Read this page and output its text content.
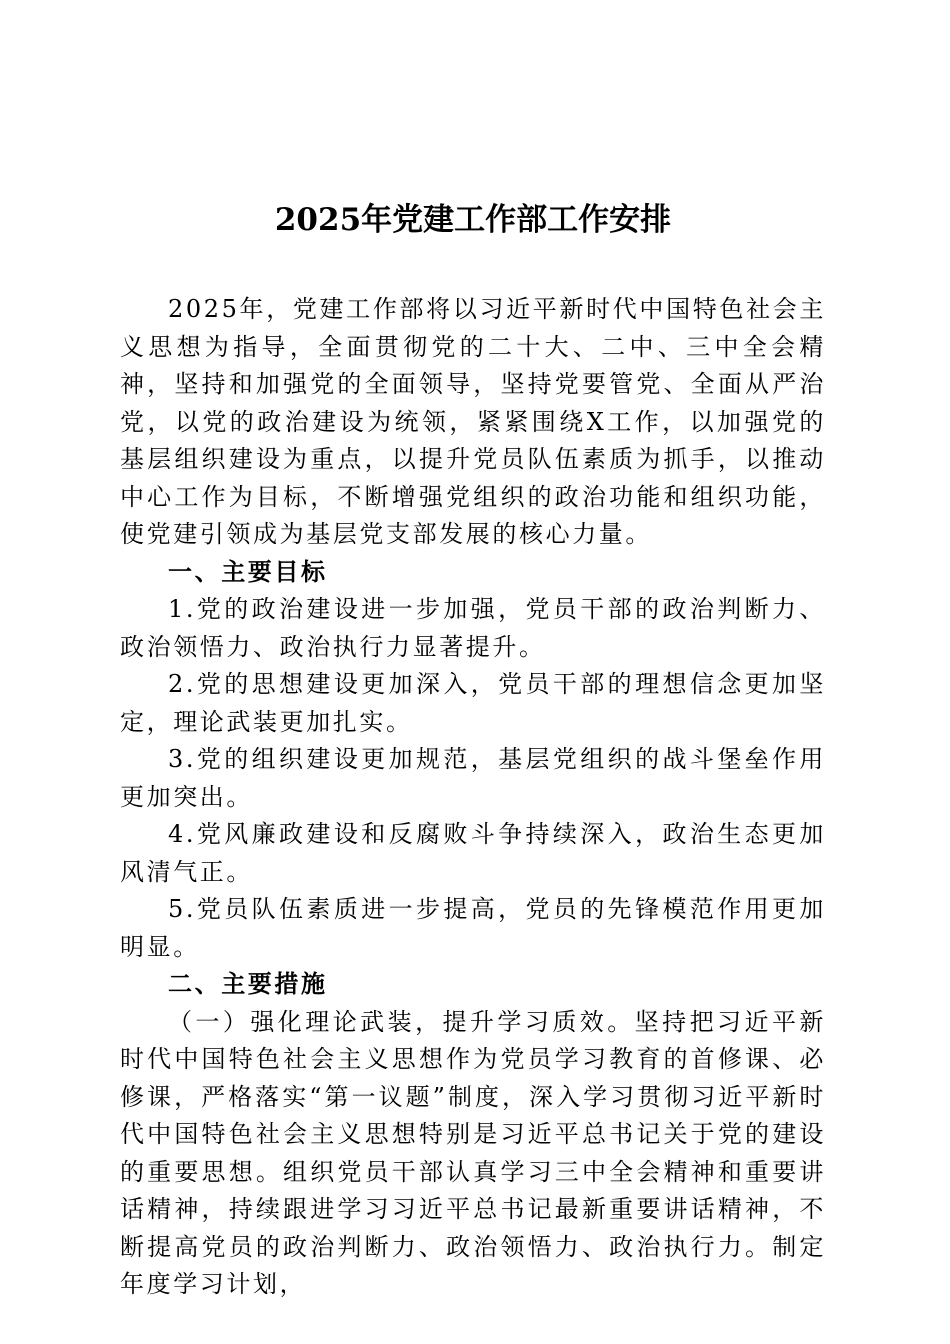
2025年党建工作部工作安排

2025年，党建工作部将以习近平新时代中国特色社会主义思想为指导，全面贯彻党的二十大、二中、三中全会精神，坚持和加强党的全面领导，坚持党要管党、全面从严治党，以党的政治建设为统领，紧紧围绕X工作，以加强党的基层组织建设为重点，以提升党员队伍素质为抓手，以推动中心工作为目标，不断增强党组织的政治功能和组织功能，使党建引领成为基层党支部发展的核心力量。

一、主要目标

1.党的政治建设进一步加强，党员干部的政治判断力、政治领悟力、政治执行力显著提升。

2.党的思想建设更加深入，党员干部的理想信念更加坚定，理论武装更加扎实。

3.党的组织建设更加规范，基层党组织的战斗堡垒作用更加突出。

4.党风廉政建设和反腐败斗争持续深入，政治生态更加风清气正。

5.党员队伍素质进一步提高，党员的先锋模范作用更加明显。

二、主要措施

（一）强化理论武装，提升学习质效。坚持把习近平新时代中国特色社会主义思想作为党员学习教育的首修课、必修课，严格落实“第一议题”制度，深入学习贯彻习近平新时代中国特色社会主义思想特别是习近平总书记关于党的建设的重要思想。组织党员干部认真学习三中全会精神和重要讲话精神，持续跟进学习习近平总书记最新重要讲话精神，不断提高党员的政治判断力、政治领悟力、政治执行力。制定年度学习计划，
